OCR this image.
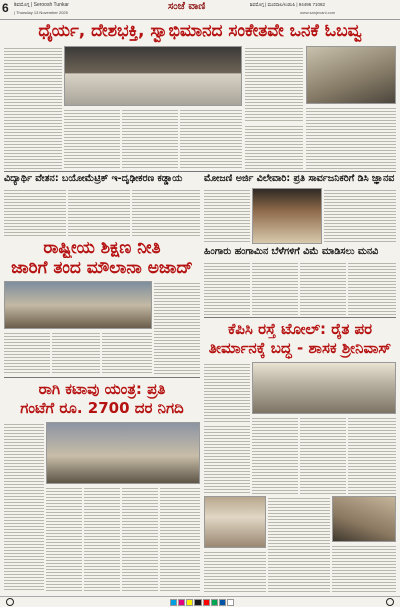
6 ಶಿವಮೊಗ್ಗ | Seroosh Tunkar
| Thursday 13 November 2025
ಸಂಜೆ ವಾಣಿ	ಶಿವಮೊಗ್ಗ | ಮಣಿಪಾಲ/ಉಡುಪಿ | 94496 71082
www.sanjevani.com
ಧೈರ್ಯ, ದೇಶಭಕ್ತಿ, ಸ್ವಾಭಿಮಾನದ ಸಂಕೇತವೇ ಒನಕೆ ಓಬವ್ವ
ವಿದ್ಯಾರ್ಥಿ ವೇತನ: ಬಯೋಮೆಟ್ರಿಕ್ ಇ-ದೃಢೀಕರಣ ಕಡ್ಡಾಯ	ಮೋಜಣಿ ಅರ್ಜಿ ವಿಲೇವಾರಿ: ಪ್ರತಿ ಸಾರ್ವಜನಿಕರಿಗೆ ಡಿಸಿ ಜ್ಞಾನವ
ರಾಷ್ಟ್ರೀಯ ಶಿಕ್ಷಣ ನೀತಿ
ಜಾರಿಗೆ ತಂದ ಮೌಲಾನಾ ಅಜಾದ್
ಹಿಂಗಾರು ಹಂಗಾಮಿನ ಬೆಳೆಗಳಿಗೆ ವಿಮೆ ಮಾಡಿಸಲು ಮನವಿ
ಕೆಪಿಸಿ ರಸ್ತೆ ಟೋಲ್: ರೈತ ಪರ
ತೀರ್ಮಾನಕ್ಕೆ ಬದ್ಧ - ಶಾಸಕ ಶ್ರೀನಿವಾಸ್
ರಾಗಿ ಕಟಾವು ಯಂತ್ರ: ಪ್ರತಿ
ಗಂಟೆಗೆ ರೂ. 2700 ದರ ನಿಗದಿ
